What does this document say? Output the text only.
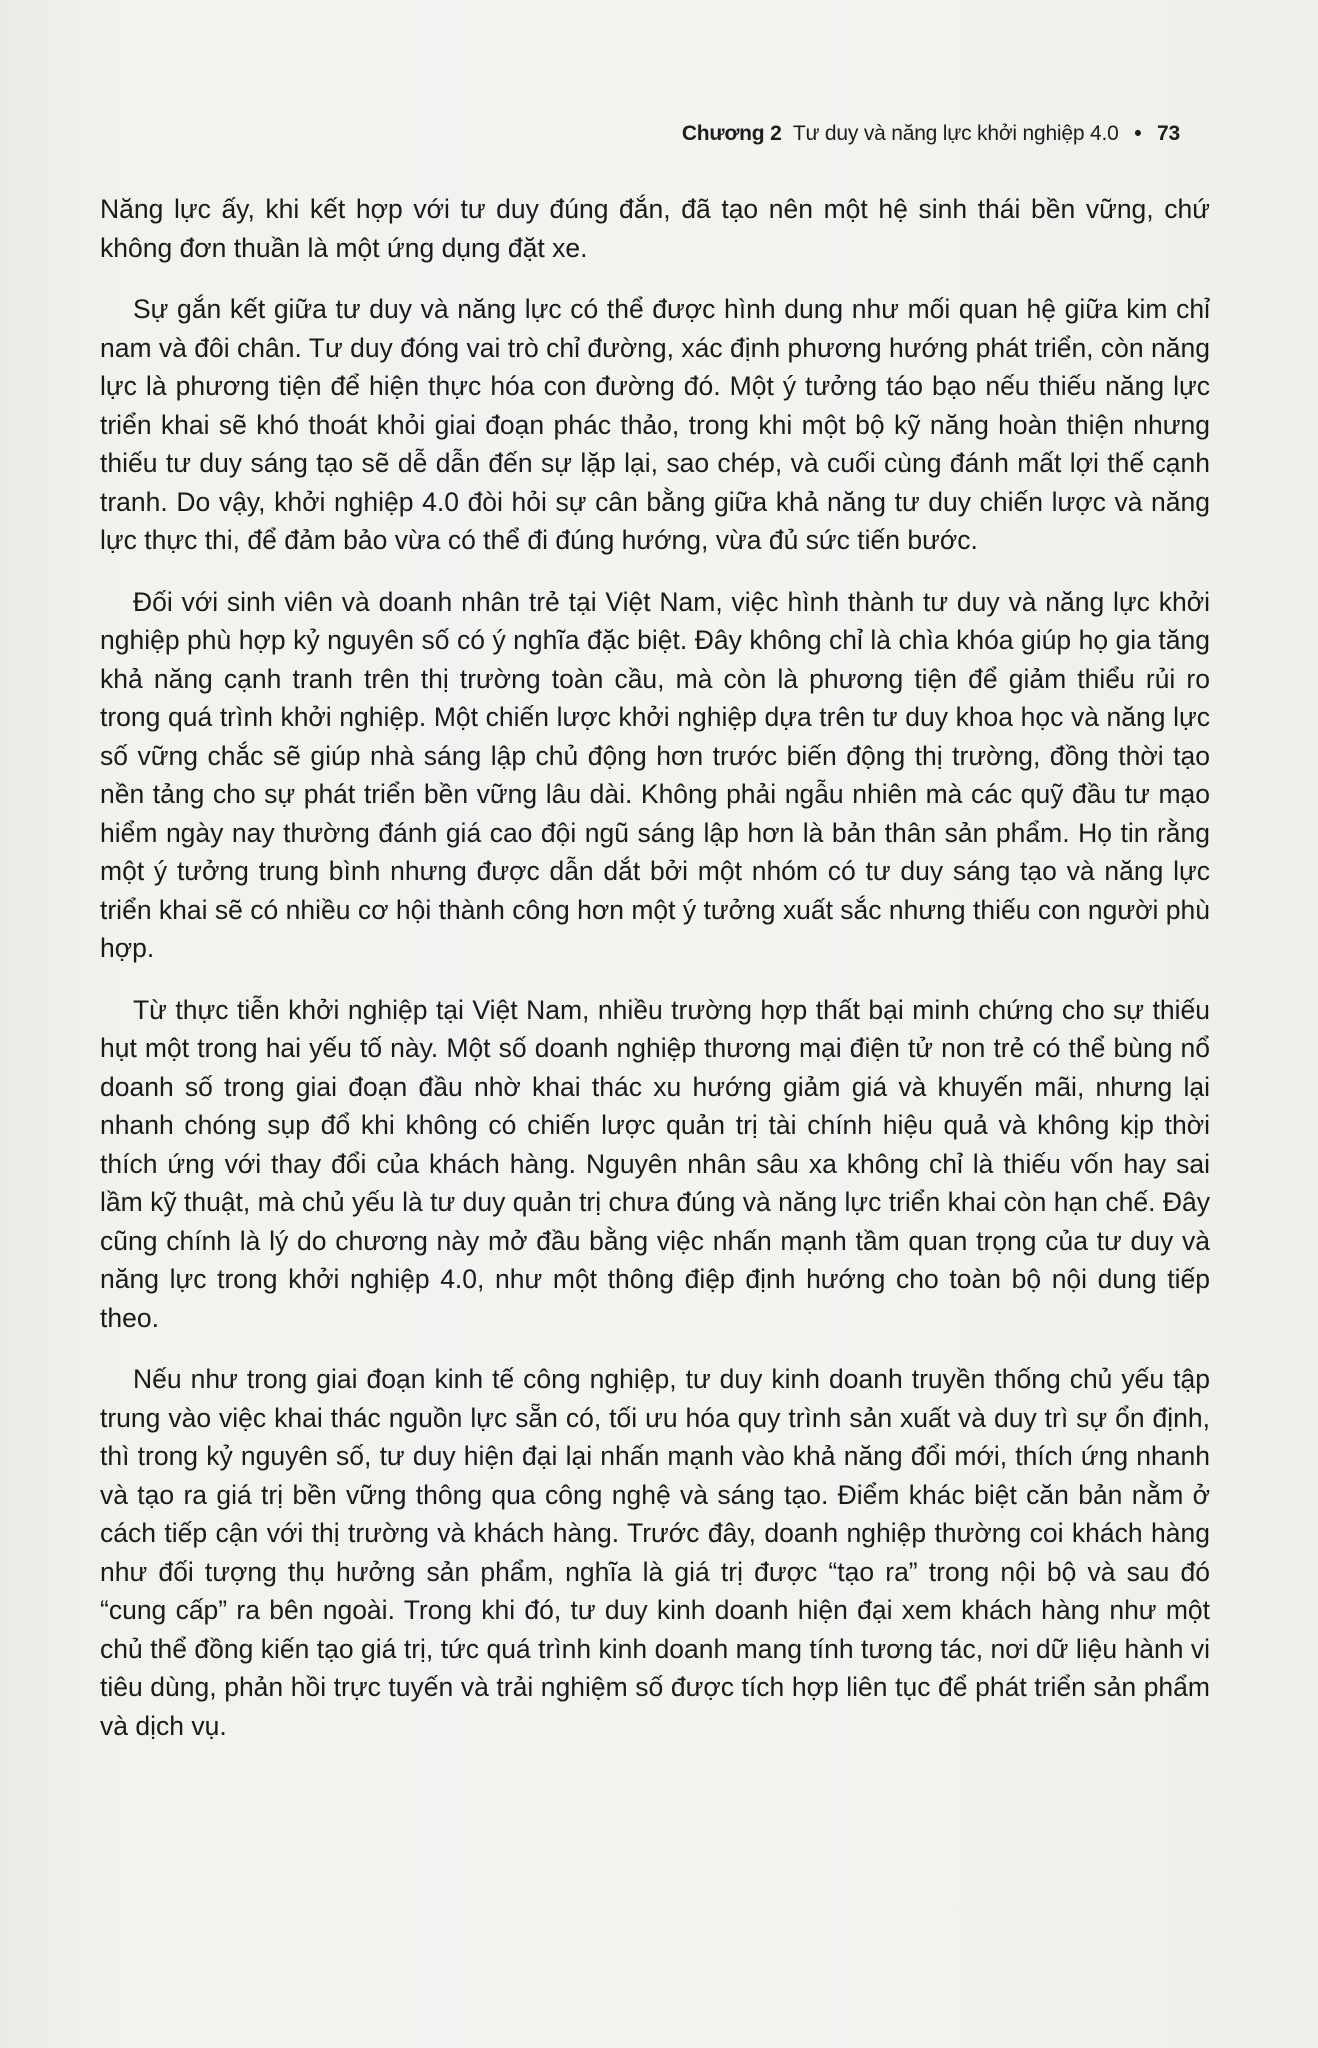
Chương 2 Tư duy và năng lực khởi nghiệp 4.0 • 73

Năng lực ấy, khi kết hợp với tư duy đúng đắn, đã tạo nên một hệ sinh thái bền vững, chứ không đơn thuần là một ứng dụng đặt xe.

Sự gắn kết giữa tư duy và năng lực có thể được hình dung như mối quan hệ giữa kim chỉ nam và đôi chân. Tư duy đóng vai trò chỉ đường, xác định phương hướng phát triển, còn năng lực là phương tiện để hiện thực hóa con đường đó. Một ý tưởng táo bạo nếu thiếu năng lực triển khai sẽ khó thoát khỏi giai đoạn phác thảo, trong khi một bộ kỹ năng hoàn thiện nhưng thiếu tư duy sáng tạo sẽ dễ dẫn đến sự lặp lại, sao chép, và cuối cùng đánh mất lợi thế cạnh tranh. Do vậy, khởi nghiệp 4.0 đòi hỏi sự cân bằng giữa khả năng tư duy chiến lược và năng lực thực thi, để đảm bảo vừa có thể đi đúng hướng, vừa đủ sức tiến bước.

Đối với sinh viên và doanh nhân trẻ tại Việt Nam, việc hình thành tư duy và năng lực khởi nghiệp phù hợp kỷ nguyên số có ý nghĩa đặc biệt. Đây không chỉ là chìa khóa giúp họ gia tăng khả năng cạnh tranh trên thị trường toàn cầu, mà còn là phương tiện để giảm thiểu rủi ro trong quá trình khởi nghiệp. Một chiến lược khởi nghiệp dựa trên tư duy khoa học và năng lực số vững chắc sẽ giúp nhà sáng lập chủ động hơn trước biến động thị trường, đồng thời tạo nền tảng cho sự phát triển bền vững lâu dài. Không phải ngẫu nhiên mà các quỹ đầu tư mạo hiểm ngày nay thường đánh giá cao đội ngũ sáng lập hơn là bản thân sản phẩm. Họ tin rằng một ý tưởng trung bình nhưng được dẫn dắt bởi một nhóm có tư duy sáng tạo và năng lực triển khai sẽ có nhiều cơ hội thành công hơn một ý tưởng xuất sắc nhưng thiếu con người phù hợp.

Từ thực tiễn khởi nghiệp tại Việt Nam, nhiều trường hợp thất bại minh chứng cho sự thiếu hụt một trong hai yếu tố này. Một số doanh nghiệp thương mại điện tử non trẻ có thể bùng nổ doanh số trong giai đoạn đầu nhờ khai thác xu hướng giảm giá và khuyến mãi, nhưng lại nhanh chóng sụp đổ khi không có chiến lược quản trị tài chính hiệu quả và không kịp thời thích ứng với thay đổi của khách hàng. Nguyên nhân sâu xa không chỉ là thiếu vốn hay sai lầm kỹ thuật, mà chủ yếu là tư duy quản trị chưa đúng và năng lực triển khai còn hạn chế. Đây cũng chính là lý do chương này mở đầu bằng việc nhấn mạnh tầm quan trọng của tư duy và năng lực trong khởi nghiệp 4.0, như một thông điệp định hướng cho toàn bộ nội dung tiếp theo.

Nếu như trong giai đoạn kinh tế công nghiệp, tư duy kinh doanh truyền thống chủ yếu tập trung vào việc khai thác nguồn lực sẵn có, tối ưu hóa quy trình sản xuất và duy trì sự ổn định, thì trong kỷ nguyên số, tư duy hiện đại lại nhấn mạnh vào khả năng đổi mới, thích ứng nhanh và tạo ra giá trị bền vững thông qua công nghệ và sáng tạo. Điểm khác biệt căn bản nằm ở cách tiếp cận với thị trường và khách hàng. Trước đây, doanh nghiệp thường coi khách hàng như đối tượng thụ hưởng sản phẩm, nghĩa là giá trị được “tạo ra” trong nội bộ và sau đó “cung cấp” ra bên ngoài. Trong khi đó, tư duy kinh doanh hiện đại xem khách hàng như một chủ thể đồng kiến tạo giá trị, tức quá trình kinh doanh mang tính tương tác, nơi dữ liệu hành vi tiêu dùng, phản hồi trực tuyến và trải nghiệm số được tích hợp liên tục để phát triển sản phẩm và dịch vụ.
